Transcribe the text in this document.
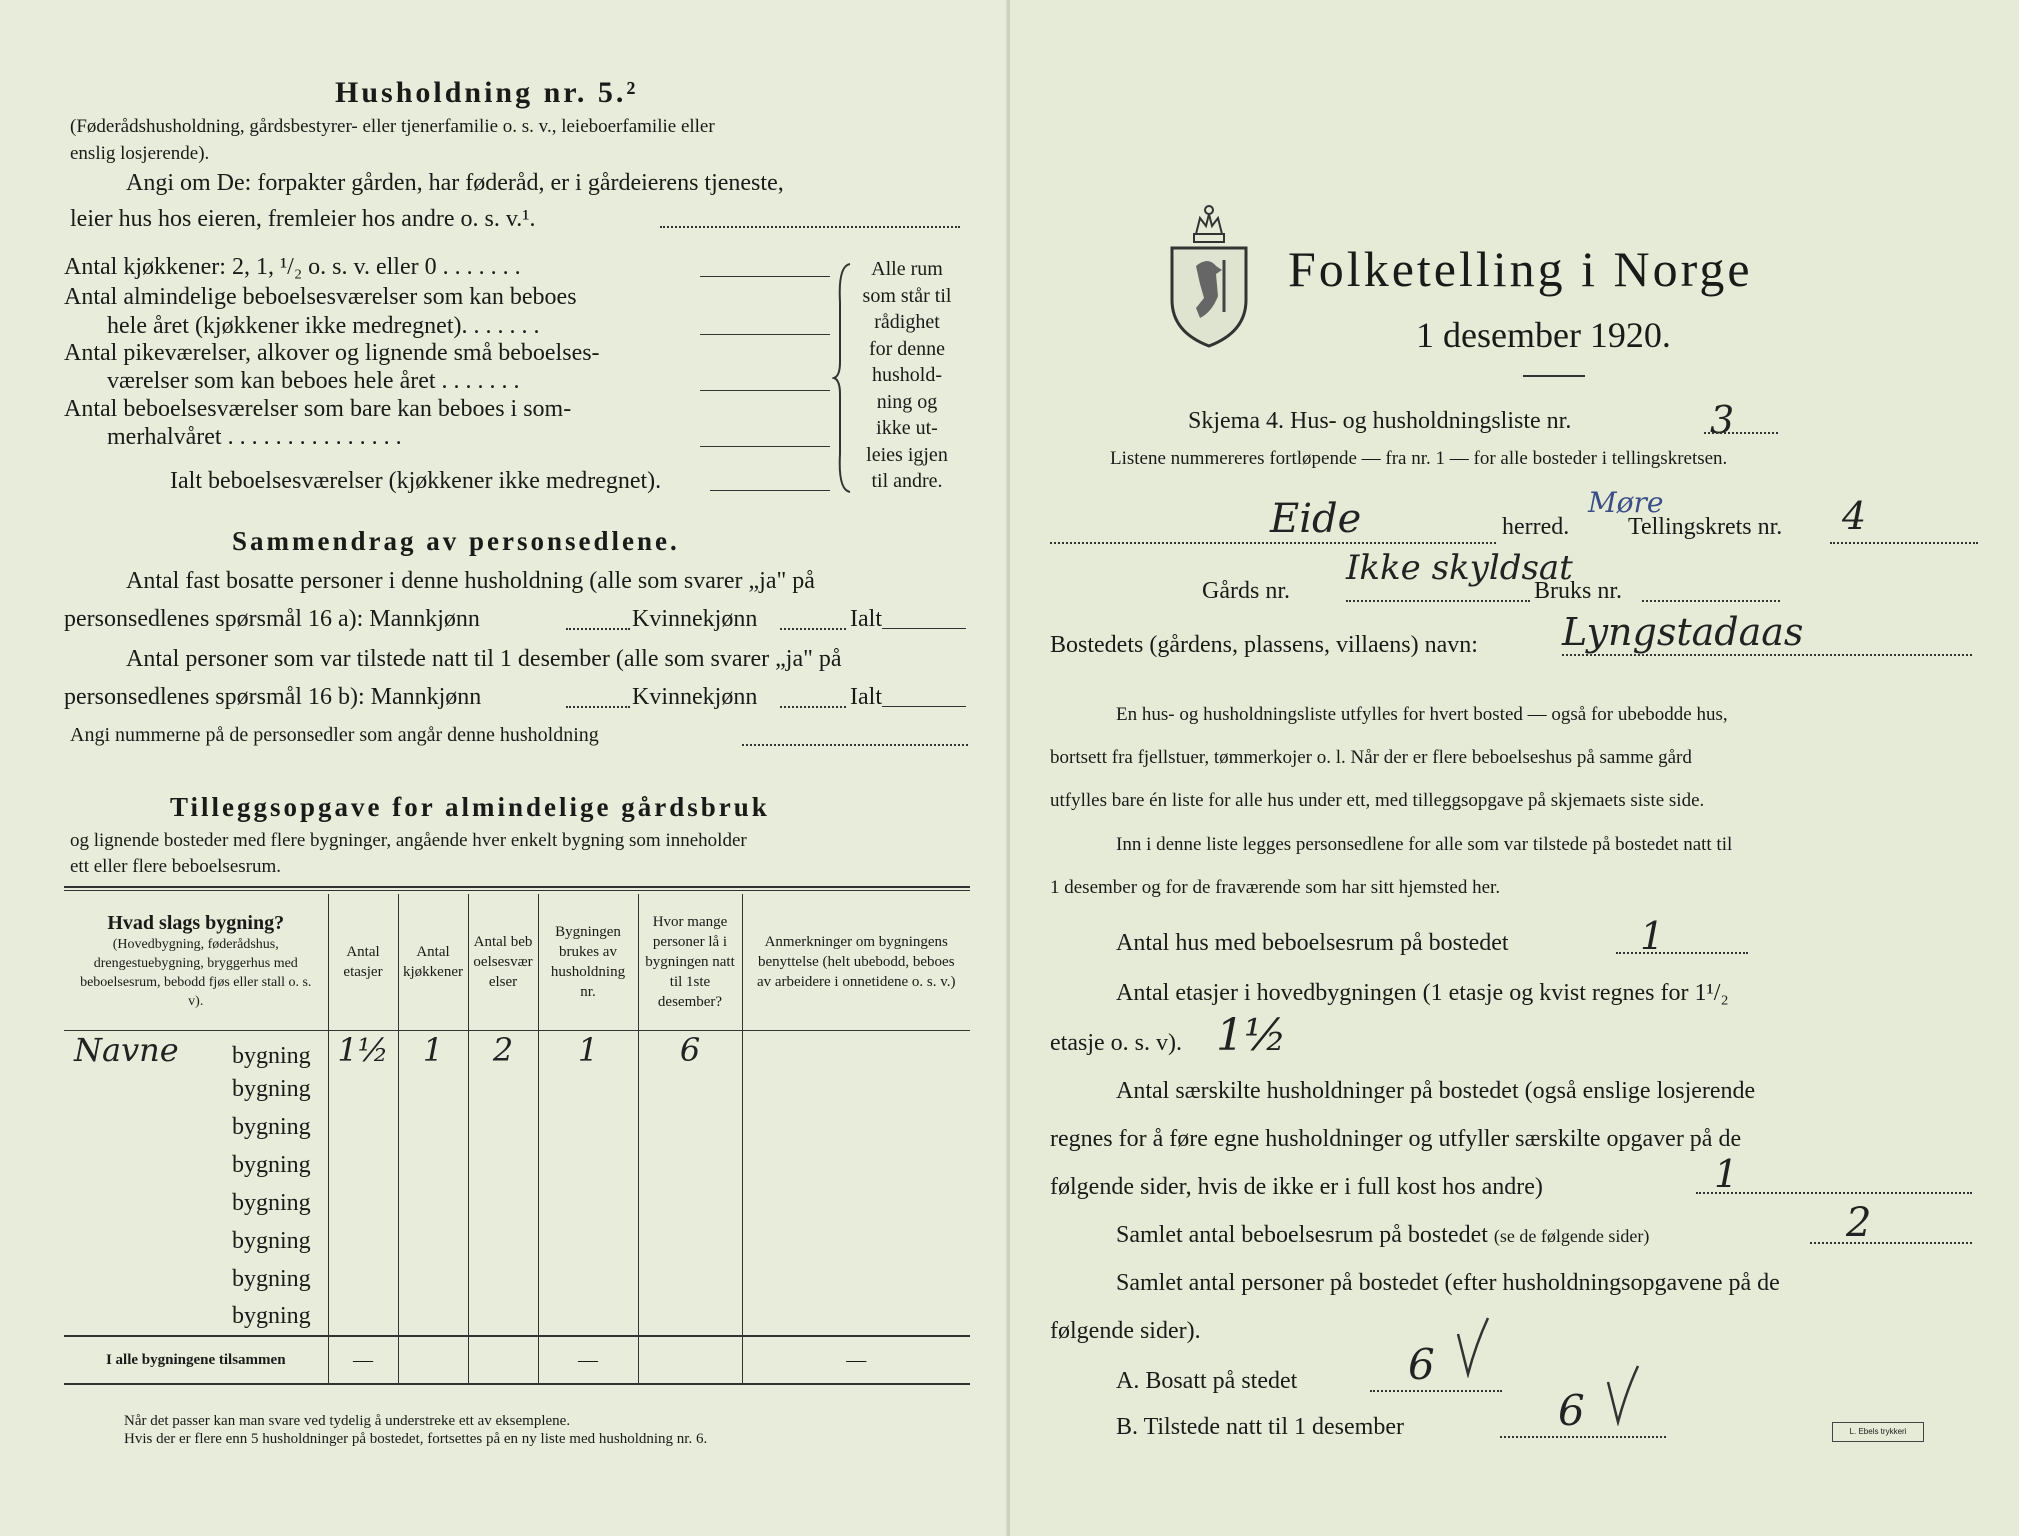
Husholdning nr. 5.²
(Føderådshusholdning, gårdsbestyrer- eller tjenerfamilie o. s. v., leieboerfamilie eller
enslig losjerende).
Angi om De: forpakter gården, har føderåd, er i gårdeierens tjeneste,
leier hus hos eieren, fremleier hos andre o. s. v.¹.
Antal kjøkkener: 2, 1, ¹/₂ o. s. v. eller 0 . . . . . . .
Antal almindelige beboelsesværelser som kan beboes
hele året (kjøkkener ikke medregnet). . . . . . .
Antal pikeværelser, alkover og lignende små beboelses-
værelser som kan beboes hele året . . . . . . .
Antal beboelsesværelser som bare kan beboes i som-
merhalvåret . . . . . . . . . . . . . . .
Ialt beboelsesværelser (kjøkkener ikke medregnet).
Alle rum
som står til
rådighet
for denne
hushold-
ning og
ikke ut-
leies igjen
til andre.
Sammendrag av personsedlene.
Antal fast bosatte personer i denne husholdning (alle som svarer „ja" på
personsedlenes spørsmål 16 a): Mannkjønn	Kvinnekjønn	Ialt
Antal personer som var tilstede natt til 1 desember (alle som svarer „ja" på
personsedlenes spørsmål 16 b): Mannkjønn	Kvinnekjønn	Ialt
Angi nummerne på de personsedler som angår denne husholdning
Tilleggsopgave for almindelige gårdsbruk
og lignende bosteder med flere bygninger, angående hver enkelt bygning som inneholder
ett eller flere beboelsesrum.
Hvad slags bygning?
(Hovedbygning, føderådshus, drengestuebygning, bryggerhus med beboelsesrum, bebodd fjøs eller stall o. s. v).	Antal etasjer	Antal kjøkkener	Antal beboelsesværelser	Bygningen brukes av husholdning nr.	Hvor mange personer lå i bygningen natt til 1ste desember?	Anmerkninger om bygningens benyttelse (helt ubebodd, beboes av arbeidere i onnetidene o. s. v.)

Navne bygning	1½	1	2	1	6	
bygning						
bygning						
bygning						
bygning						
bygning						
bygning						
bygning						
I alle bygningene tilsammen	—			—		—
Når det passer kan man svare ved tydelig å understreke ett av eksemplene.
Hvis der er flere enn 5 husholdninger på bostedet, fortsettes på en ny liste med husholdning nr. 6.
Folketelling i Norge
1 desember 1920.
Skjema 4. Hus- og husholdningsliste nr.	3
Listene nummereres fortløpende — fra nr. 1 — for alle bosteder i tellingskretsen.
Eide	herred.
Møre
Tellingskrets nr. 4
Gårds nr.
Ikke skyldsat
Bruks nr.
Bostedets (gårdens, plassens, villaens) navn: Lyngstadaas
En hus- og husholdningsliste utfylles for hvert bosted — også for ubebodde hus,
bortsett fra fjellstuer, tømmerkojer o. l. Når der er flere beboelseshus på samme gård
utfylles bare én liste for alle hus under ett, med tilleggsopgave på skjemaets siste side.
Inn i denne liste legges personsedlene for alle som var tilstede på bostedet natt til
1 desember og for de fraværende som har sitt hjemsted her.
Antal hus med beboelsesrum på bostedet	1
Antal etasjer i hovedbygningen (1 etasje og kvist regnes for 1¹/₂
etasje o. s. v). 1½
Antal særskilte husholdninger på bostedet (også enslige losjerende
regnes for å føre egne husholdninger og utfyller særskilte opgaver på de
følgende sider, hvis de ikke er i full kost hos andre)	1
Samlet antal beboelsesrum på bostedet (se de følgende sider)	2
Samlet antal personer på bostedet (efter husholdningsopgavene på de
følgende sider).
A. Bosatt på stedet	6
B. Tilstede natt til 1 desember	6	L. Ebels trykkeri
